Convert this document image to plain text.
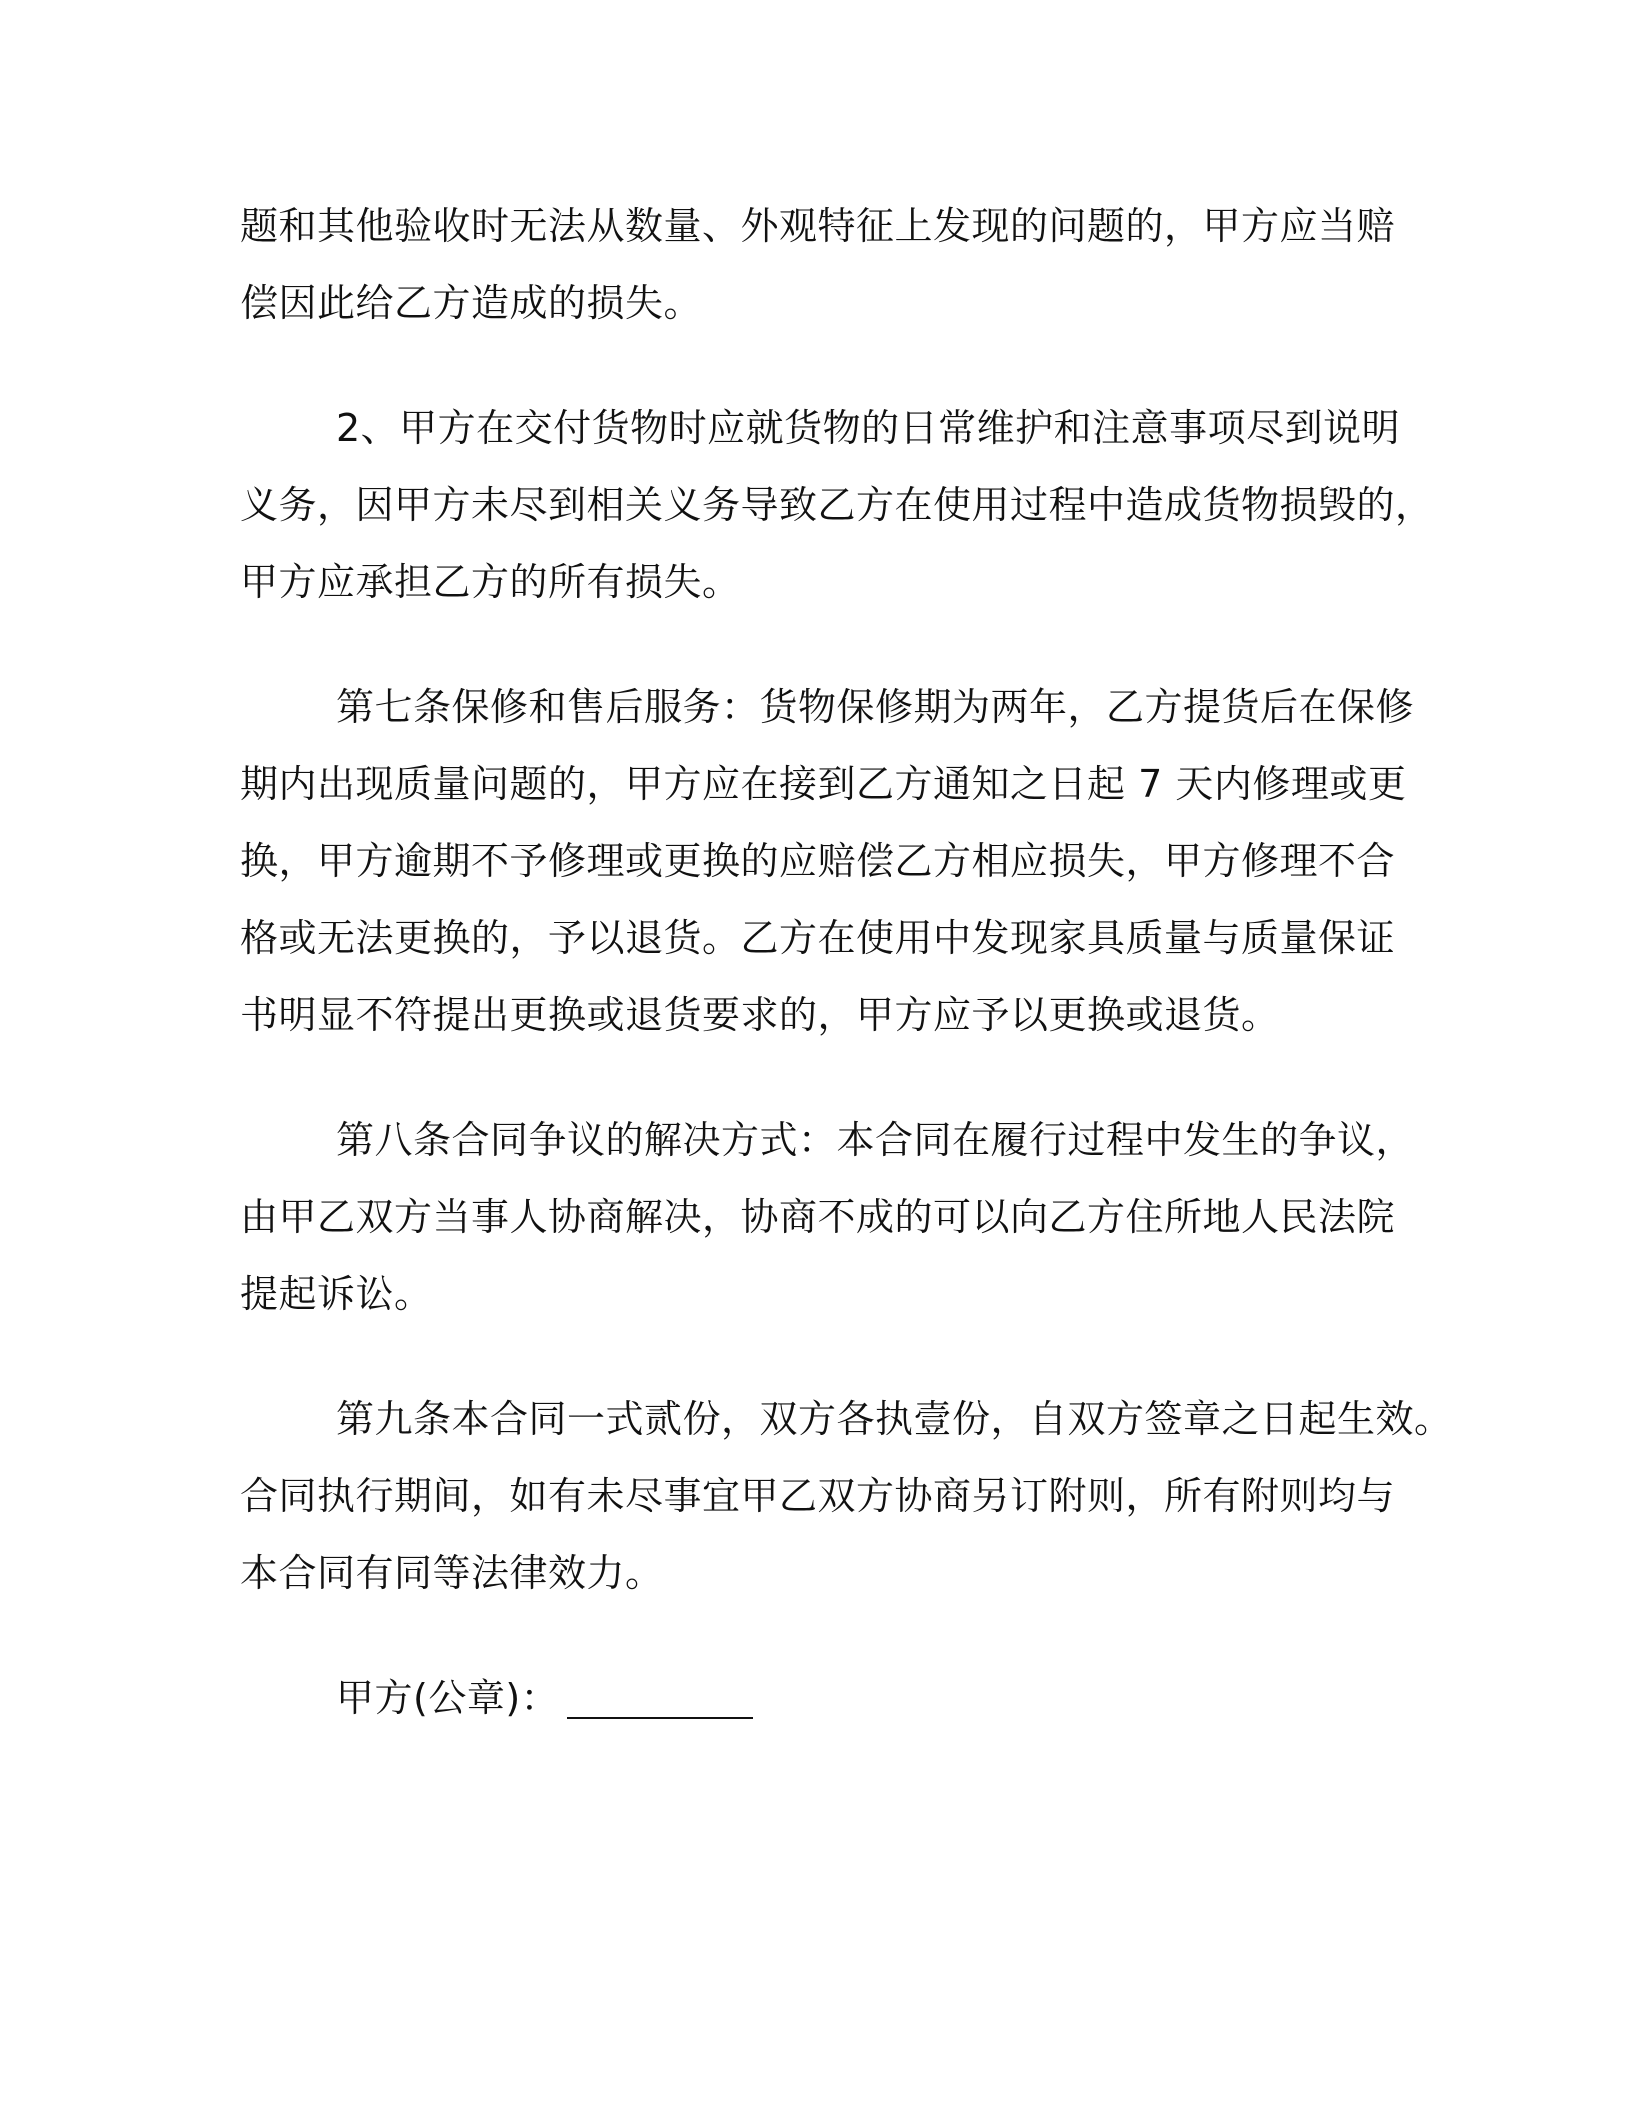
题和其他验收时无法从数量、外观特征上发现的问题的，甲方应当赔
偿因此给乙方造成的损失。

2、甲方在交付货物时应就货物的日常维护和注意事项尽到说明
义务，因甲方未尽到相关义务导致乙方在使用过程中造成货物损毁的，
甲方应承担乙方的所有损失。

第七条保修和售后服务：货物保修期为两年，乙方提货后在保修
期内出现质量问题的，甲方应在接到乙方通知之日起 7 天内修理或更
换，甲方逾期不予修理或更换的应赔偿乙方相应损失，甲方修理不合
格或无法更换的，予以退货。乙方在使用中发现家具质量与质量保证
书明显不符提出更换或退货要求的，甲方应予以更换或退货。

第八条合同争议的解决方式：本合同在履行过程中发生的争议，
由甲乙双方当事人协商解决，协商不成的可以向乙方住所地人民法院
提起诉讼。

第九条本合同一式贰份，双方各执壹份，自双方签章之日起生效。
合同执行期间，如有未尽事宜甲乙双方协商另订附则，所有附则均与
本合同有同等法律效力。

甲方(公章)：
